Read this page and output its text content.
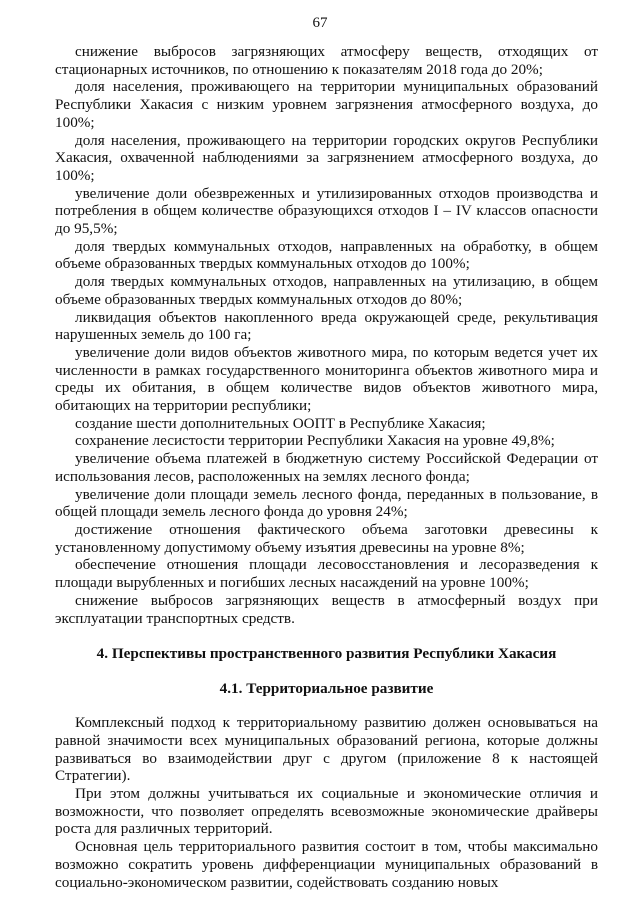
67

снижение выбросов загрязняющих атмосферу веществ, отходящих от стационарных источников, по отношению к показателям 2018 года до 20%;

доля населения, проживающего на территории муниципальных образований Республики Хакасия с низким уровнем загрязнения атмосферного воздуха, до 100%;

доля населения, проживающего на территории городских округов Республики Хакасия, охваченной наблюдениями за загрязнением атмосферного воздуха, до 100%;

увеличение доли обезвреженных и утилизированных отходов производства и потребления в общем количестве образующихся отходов I – IV классов опасности до 95,5%;

доля твердых коммунальных отходов, направленных на обработку, в общем объеме образованных твердых коммунальных отходов до 100%;

доля твердых коммунальных отходов, направленных на утилизацию, в общем объеме образованных твердых коммунальных отходов до 80%;

ликвидация объектов накопленного вреда окружающей среде, рекультивация нарушенных земель до 100 га;

увеличение доли видов объектов животного мира, по которым ведется учет их численности в рамках государственного мониторинга объектов животного мира и среды их обитания, в общем количестве видов объектов животного мира, обитающих на территории республики;

создание шести дополнительных ООПТ в Республике Хакасия;

сохранение лесистости территории Республики Хакасия на уровне 49,8%;

увеличение объема платежей в бюджетную систему Российской Федерации от использования лесов, расположенных на землях лесного фонда;

увеличение доли площади земель лесного фонда, переданных в пользование, в общей площади земель лесного фонда до уровня 24%;

достижение отношения фактического объема заготовки древесины к установленному допустимому объему изъятия древесины на уровне 8%;

обеспечение отношения площади лесовосстановления и лесоразведения к площади вырубленных и погибших лесных насаждений на уровне 100%;

снижение выбросов загрязняющих веществ в атмосферный воздух при эксплуатации транспортных средств.

4. Перспективы пространственного развития Республики Хакасия
4.1. Территориальное развитие

Комплексный подход к территориальному развитию должен основываться на равной значимости всех муниципальных образований региона, которые должны развиваться во взаимодействии друг с другом (приложение 8 к настоящей Стратегии).

При этом должны учитываться их социальные и экономические отличия и возможности, что позволяет определять всевозможные экономические драйверы роста для различных территорий.

Основная цель территориального развития состоит в том, чтобы максимально возможно сократить уровень дифференциации муниципальных образований в социально-экономическом развитии, содействовать созданию новых
